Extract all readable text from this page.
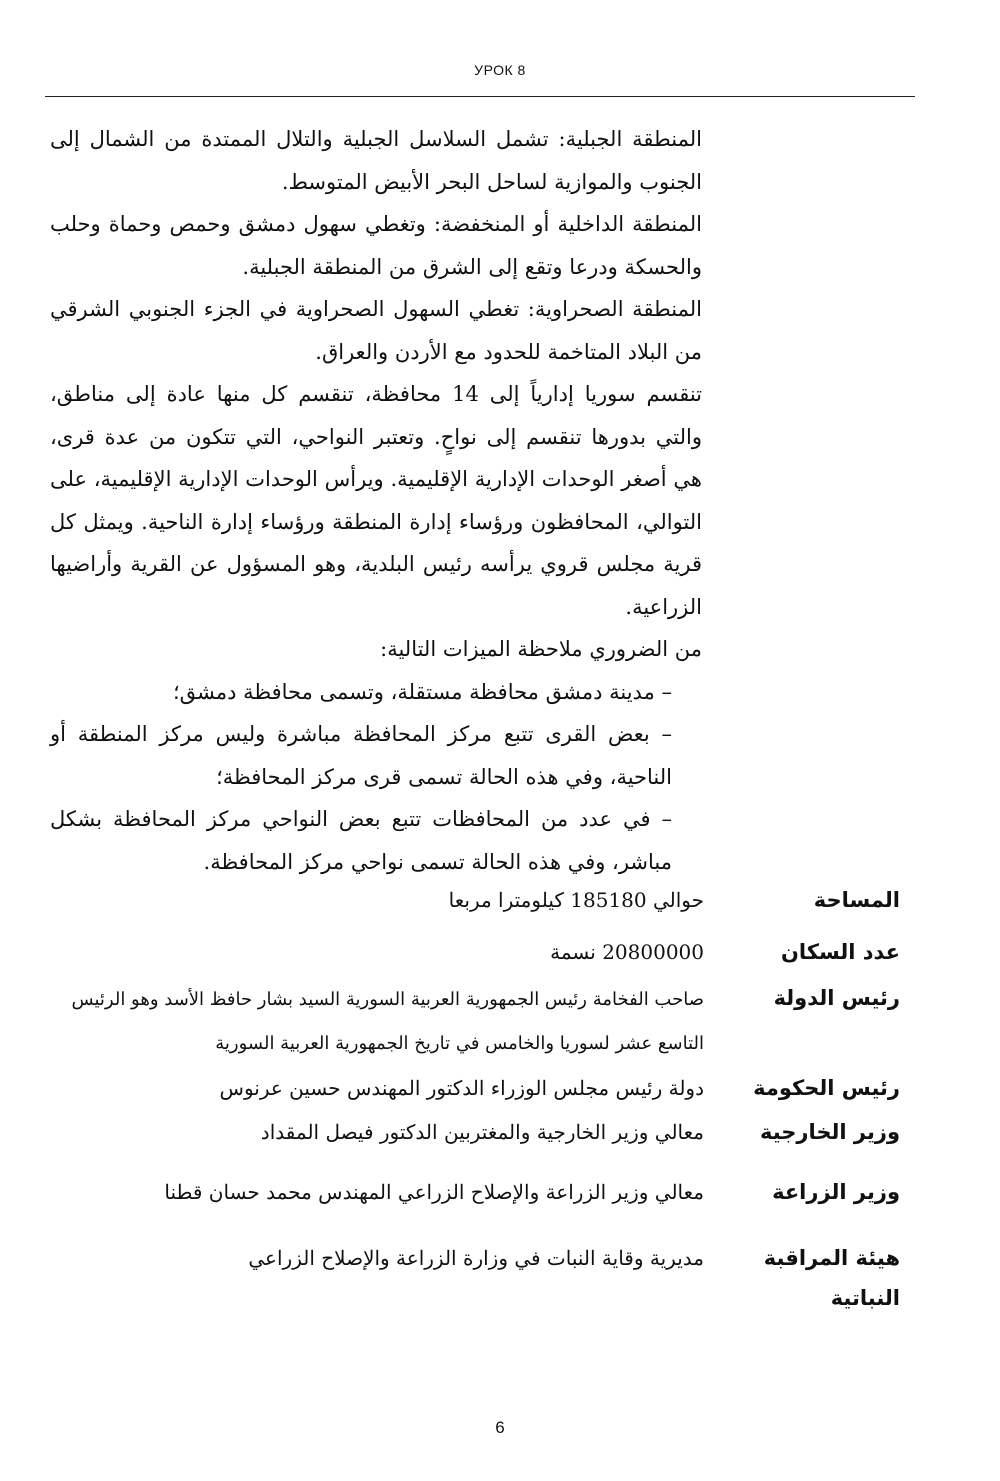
УРОК 8

المنطقة الجبلية: تشمل السلاسل الجبلية والتلال الممتدة من الشمال إلى الجنوب والموازية لساحل البحر الأبيض المتوسط.

المنطقة الداخلية أو المنخفضة: وتغطي سهول دمشق وحمص وحماة وحلب والحسكة ودرعا وتقع إلى الشرق من المنطقة الجبلية.

المنطقة الصحراوية: تغطي السهول الصحراوية في الجزء الجنوبي الشرقي من البلاد المتاخمة للحدود مع الأردن والعراق.

تنقسم سوريا إدارياً إلى 14 محافظة، تنقسم كل منها عادة إلى مناطق، والتي بدورها تنقسم إلى نواحٍ. وتعتبر النواحي، التي تتكون من عدة قرى، هي أصغر الوحدات الإدارية الإقليمية. ويرأس الوحدات الإدارية الإقليمية، على التوالي، المحافظون ورؤساء إدارة المنطقة ورؤساء إدارة الناحية. ويمثل كل قرية مجلس قروي يرأسه رئيس البلدية، وهو المسؤول عن القرية وأراضيها الزراعية.

من الضروري ملاحظة الميزات التالية:

– مدينة دمشق محافظة مستقلة، وتسمى محافظة دمشق؛

– بعض القرى تتبع مركز المحافظة مباشرة وليس مركز المنطقة أو الناحية، وفي هذه الحالة تسمى قرى مركز المحافظة؛

– في عدد من المحافظات تتبع بعض النواحي مركز المحافظة بشكل مباشر، وفي هذه الحالة تسمى نواحي مركز المحافظة.

المساحة
حوالي 185180 كيلومترا مربعا
عدد السكان
20800000 نسمة
رئيس الدولة
صاحب الفخامة رئيس الجمهورية العربية السورية السيد بشار حافظ الأسد وهو الرئيس التاسع عشر لسوريا والخامس في تاريخ الجمهورية العربية السورية
رئيس الحكومة
دولة رئيس مجلس الوزراء الدكتور المهندس حسين عرنوس
وزير الخارجية
معالي وزير الخارجية والمغتربين الدكتور فيصل المقداد
وزير الزراعة
معالي وزير الزراعة والإصلاح الزراعي المهندس محمد حسان قطنا
هيئة المراقبة النباتية
مديرية وقاية النبات في وزارة الزراعة والإصلاح الزراعي
6
